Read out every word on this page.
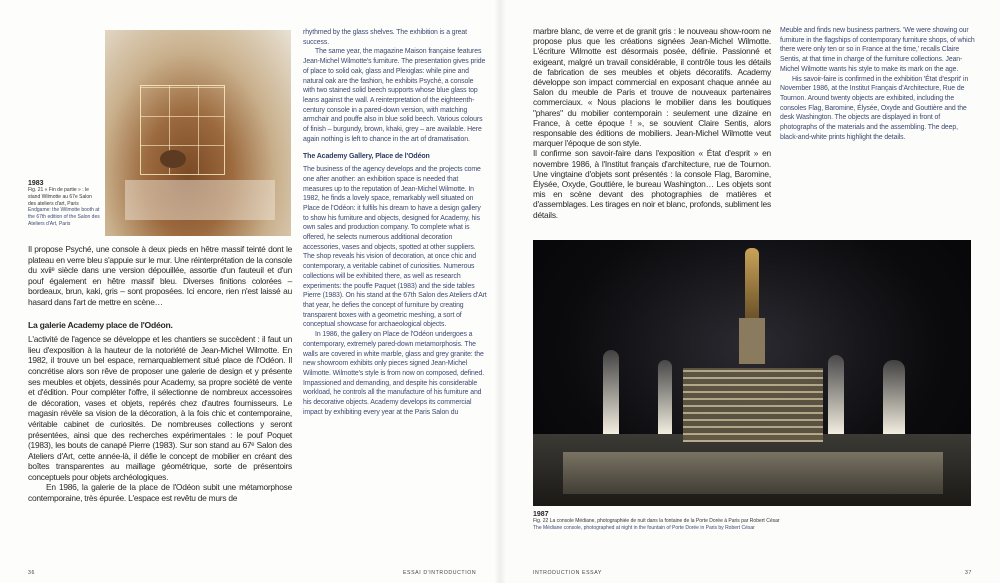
1983
Fig. 21 « Fin de partie » : le stand Wilmotte au 67e Salon des ateliers d'art, Paris
Endgame: the Wilmotte booth at the 67th edition of the Salon des Ateliers d'Art, Paris

Il propose Psyché, une console à deux pieds en hêtre massif teinté dont le plateau en verre bleu s'appuie sur le mur. Une réinterprétation de la console du xviiᵉ siècle dans une version dépouillée, assortie d'un fauteuil et d'un pouf également en hêtre massif bleu. Diverses finitions colorées – bordeaux, brun, kaki, gris – sont proposées. Ici encore, rien n'est laissé au hasard dans l'art de mettre en scène…

La galerie Academy place de l'Odéon.

L'activité de l'agence se développe et les chantiers se succèdent : il faut un lieu d'exposition à la hauteur de la notoriété de Jean-Michel Wilmotte. En 1982, il trouve un bel espace, remarquablement situé place de l'Odéon. Il concrétise alors son rêve de proposer une galerie de design et y présente ses meubles et objets, dessinés pour Academy, sa propre société de vente et d'édition. Pour compléter l'offre, il sélectionne de nombreux accessoires de décoration, vases et objets, repérés chez d'autres fournisseurs. Le magasin révèle sa vision de la décoration, à la fois chic et contemporaine, véritable cabinet de curiosités. De nombreuses collections y seront présentées, ainsi que des recherches expérimentales : le pouf Poquet (1983), les bouts de canapé Pierre (1983). Sur son stand au 67ᵉ Salon des Ateliers d'Art, cette année-là, il défie le concept de mobilier en créant des boîtes transparentes au maillage géométrique, sorte de présentoirs conceptuels pour objets archéologiques.

En 1986, la galerie de la place de l'Odéon subit une métamorphose contemporaine, très épurée. L'espace est revêtu de murs de

rhythmed by the glass shelves. The exhibition is a great success.

The same year, the magazine Maison française features Jean-Michel Wilmotte's furniture. The presentation gives pride of place to solid oak, glass and Plexiglas: while pine and natural oak are the fashion, he exhibits Psyché, a console with two stained solid beech supports whose blue glass top leans against the wall. A reinterpretation of the eighteenth-century console in a pared-down version, with matching armchair and pouffe also in blue solid beech. Various colours of finish – burgundy, brown, khaki, grey – are available. Here again nothing is left to chance in the art of dramatisation.

The Academy Gallery, Place de l'Odéon

The business of the agency develops and the projects come one after another: an exhibition space is needed that measures up to the reputation of Jean-Michel Wilmotte. In 1982, he finds a lovely space, remarkably well situated on Place de l'Odéon: it fulfils his dream to have a design gallery to show his furniture and objects, designed for Academy, his own sales and production company. To complete what is offered, he selects numerous additional decoration accessories, vases and objects, spotted at other suppliers. The shop reveals his vision of decoration, at once chic and contemporary, a veritable cabinet of curiosities. Numerous collections will be exhibited there, as well as research experiments: the pouffe Paquet (1983) and the side tables Pierre (1983). On his stand at the 67th Salon des Ateliers d'Art that year, he defies the concept of furniture by creating transparent boxes with a geometric meshing, a sort of conceptual showcase for archaeological objects.

In 1986, the gallery on Place de l'Odéon undergoes a contemporary, extremely pared-down metamorphosis. The walls are covered in white marble, glass and grey granite: the new showroom exhibits only pieces signed Jean-Michel Wilmotte. Wilmotte's style is from now on composed, defined. Impassioned and demanding, and despite his considerable workload, he controls all the manufacture of his furniture and his decorative objects. Academy develops its commercial impact by exhibiting every year at the Paris Salon du

36	ESSAI D'INTRODUCTION

marbre blanc, de verre et de granit gris : le nouveau show-room ne propose plus que les créations signées Jean-Michel Wilmotte. L'écriture Wilmotte est désormais posée, définie. Passionné et exigeant, malgré un travail considérable, il contrôle tous les détails de fabrication de ses meubles et objets décoratifs. Academy développe son impact commercial en exposant chaque année au Salon du meuble de Paris et trouve de nouveaux partenaires commerciaux. « Nous placions le mobilier dans les boutiques "phares" du mobilier contemporain : seulement une dizaine en France, à cette époque ! », se souvient Claire Sentis, alors responsable des éditions de mobiliers. Jean-Michel Wilmotte veut marquer l'époque de son style.

Il confirme son savoir-faire dans l'exposition « État d'esprit » en novembre 1986, à l'Institut français d'architecture, rue de Tournon. Une vingtaine d'objets sont présentés : la console Flag, Baromine, Élysée, Oxyde, Gouttière, le bureau Washington… Les objets sont mis en scène devant des photographies de matières et d'assemblages. Les tirages en noir et blanc, profonds, subliment les détails.

Meuble and finds new business partners. 'We were showing our furniture in the flagships of contemporary furniture shops, of which there were only ten or so in France at the time,' recalls Claire Sentis, at that time in charge of the furniture collections. Jean-Michel Wilmotte wants his style to make its mark on the age.

His savoir-faire is confirmed in the exhibition 'État d'esprit' in November 1986, at the Institut Français d'Architecture, Rue de Tournon. Around twenty objects are exhibited, including the consoles Flag, Baromine, Élysée, Oxyde and Gouttière and the desk Washington. The objects are displayed in front of photographs of the materials and the assembling. The deep, black-and-white prints highlight the details.

1987
Fig. 22 La console Médiane, photographiée de nuit dans la fontaine de la Porte Dorée à Paris par Robert César
The Médiane console, photographed at night in the fountain of Porte Dorée in Paris by Robert César
INTRODUCTION ESSAY	37
